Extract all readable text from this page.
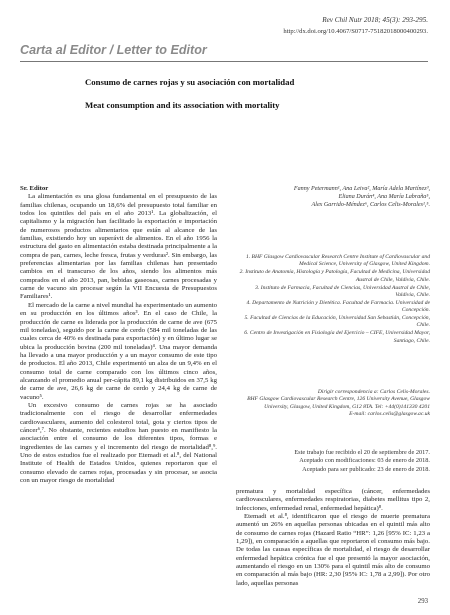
Rev Chil Nutr 2018; 45(3): 293-295.
http://dx.doi.org/10.4067/S0717-75182018000400293.
Carta al Editor / Letter to Editor
Consumo de carnes rojas y su asociación con mortalidad
Meat consumption and its association with mortality

Sr. Editor

La alimentación es una glosa fundamental en el presupuesto de las familias chilenas, ocupando un 18,6% del presupuesto total familiar en todos los quintiles del país en el año 2013¹. La globalización, el capitalismo y la migración han facilitado la exportación e importación de numerosos productos alimentarios que están al alcance de las familias, existiendo hoy un superávit de alimentos. En el año 1956 la estructura del gasto en alimentación estaba destinada principalmente a la compra de pan, carnes, leche fresca, frutas y verduras². Sin embargo, las preferencias alimentarias por las familias chilenas han presentado cambios en el transcurso de los años, siendo los alimentos más comprados en el año 2013, pan, bebidas gaseosas, carnes procesadas y carne de vacuno sin procesar según la VII Encuesta de Presupuestos Familiares¹.

El mercado de la carne a nivel mundial ha experimentado un aumento en su producción en los últimos años³. En el caso de Chile, la producción de carne es liderada por la producción de carne de ave (675 mil toneladas), seguido por la carne de cerdo (584 mil toneladas de las cuales cerca de 40% es destinada para exportación) y en último lugar se ubica la producción bovina (200 mil toneladas)⁴. Una mayor demanda ha llevado a una mayor producción y a un mayor consumo de este tipo de productos. El año 2013, Chile experimentó un alza de un 9,4% en el consumo total de carne comparado con los últimos cinco años, alcanzando el promedio anual per-cápita 89,1 kg distribuidos en 37,5 kg de carne de ave, 26,6 kg de carne de cerdo y 24,4 kg de carne de vacuno⁵.

Un excesivo consumo de carnes rojas se ha asociado tradicionalmente con el riesgo de desarrollar enfermedades cardiovasculares, aumento del colesterol total, gota y ciertos tipos de cáncer⁶,⁷. No obstante, recientes estudios han puesto en manifiesto la asociación entre el consumo de los diferentes tipos, formas e ingredientes de las carnes y el incremento del riesgo de mortalidad⁸,⁹. Uno de estos estudios fue el realizado por Etemadi et al.⁸, del National Institute of Health de Estados Unidos, quienes reportaron que el consumo elevado de carnes rojas, procesadas y sin procesar, se asocia con un mayor riesgo de mortalidad

Fanny Petermann¹, Ana Leiva², María Adela Martínez³,
Eliana Durán⁴, Ana María Labraña⁵,
Alex Garrido-Méndez⁶, Carlos Celis-Morales¹,⁵.

1. BHF Glasgow Cardiovascular Research Centre Institute of Cardiovascular and Medical Science, University of Glasgow, United Kingdom.

2. Instituto de Anatomía, Histología y Patología, Facultad de Medicina, Universidad Austral de Chile, Valdivia, Chile.

3. Instituto de Farmacia, Facultad de Ciencias, Universidad Austral de Chile, Valdivia, Chile.

4. Departamento de Nutrición y Dietética. Facultad de Farmacia. Universidad de Concepción.

5. Facultad de Ciencias de la Educación, Universidad San Sebastián, Concepción, Chile.

6. Centro de Investigación en Fisiología del Ejercicio – CIFE, Universidad Mayor, Santiago, Chile.

Dirigir correspondencia a: Carlos Celis-Morales.
BHF Glasgow Cardiovascular Research Centre, 126 University Avenue, Glasgow University, Glasgow, United Kingdom, G12 8TA. Tel: +44(0)141330 4201
E-mail: carlos.celis@glasgow.ac.uk
Este trabajo fue recibido el 20 de septiembre de 2017.
Aceptado con modificaciones: 03 de enero de 2018.
Aceptado para ser publicado: 23 de enero de 2018.

prematura y mortalidad específica (cáncer, enfermedades cardiovasculares, enfermedades respiratorias, diabetes mellitus tipo 2, infecciones, enfermedad renal, enfermedad hepática)⁸.

Etemadi et al.⁸, identificaron que el riesgo de muerte prematura aumentó un 26% en aquellas personas ubicadas en el quintil más alto de consumo de carnes rojas (Hazard Ratio “HR”: 1,26 [95% IC: 1,23 a 1,29]), en comparación a aquellas que reportaron el consumo más bajo. De todas las causas específicas de mortalidad, el riesgo de desarrollar enfermedad hepática crónica fue el que presentó la mayor asociación, aumentando el riesgo en un 130% para el quintil más alto de consumo en comparación al más bajo (HR: 2,30 [95% IC: 1,78 a 2,99]). Por otro lado, aquellas personas

293
